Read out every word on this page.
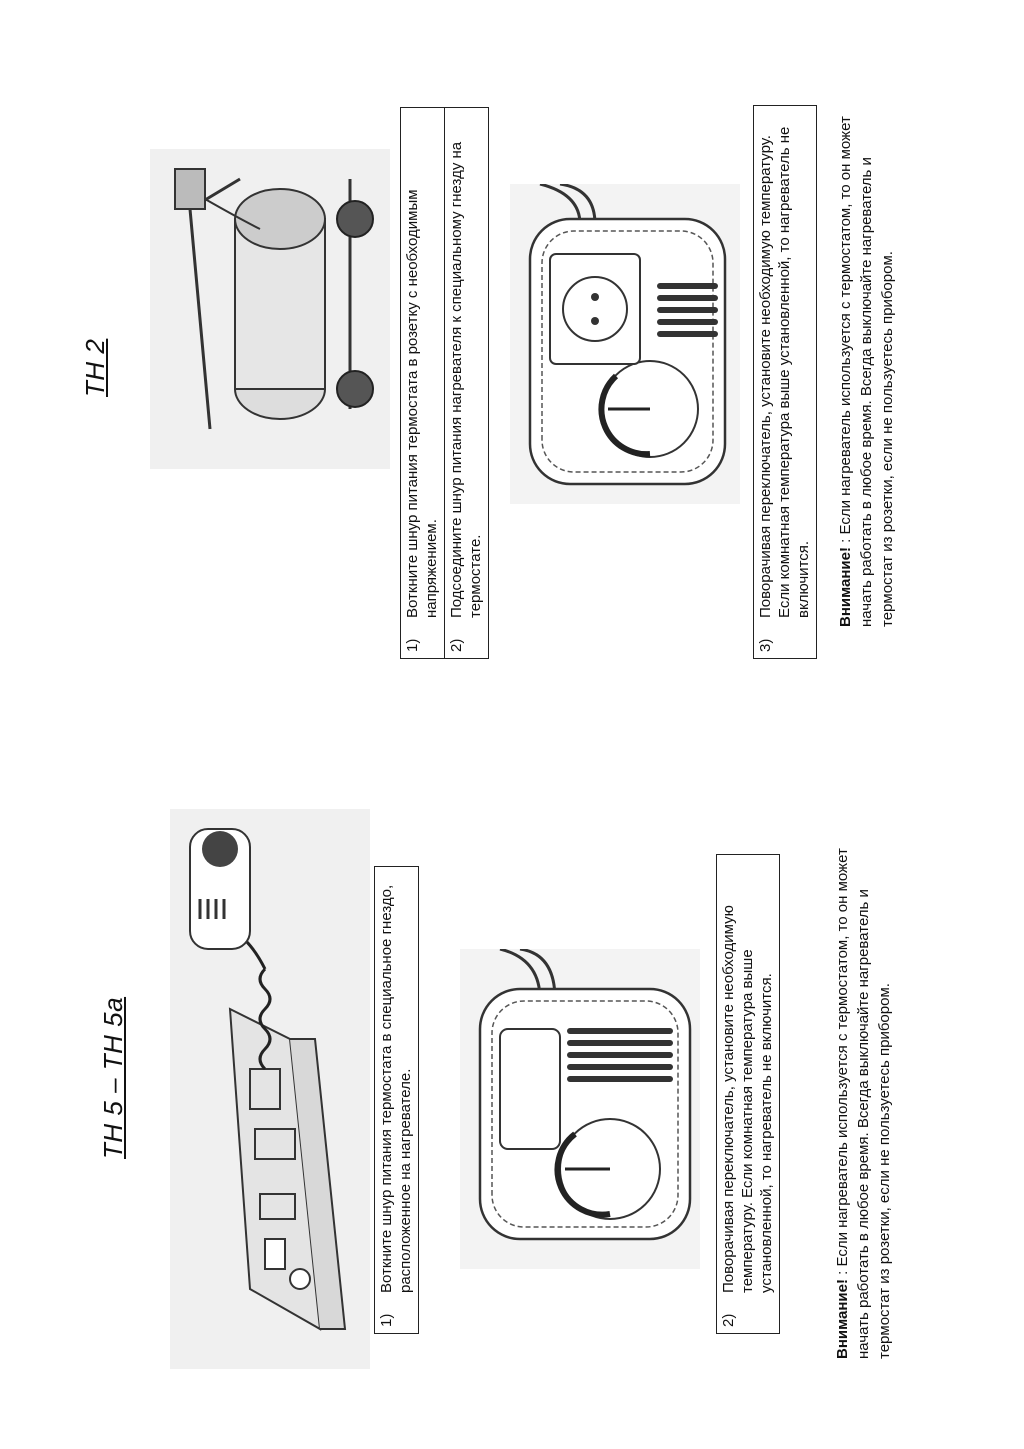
TH 5 – TH 5a
1)
Воткните шнур питания термостата в специальное гнездо, расположенное на нагревателе.
2)
Поворачивая переключатель, установите необходимую температуру. Если комнатная температура выше установленной, то нагреватель не включится.
Внимание! : Если нагреватель используется с термостатом, то он может начать работать в любое время. Всегда выключайте нагреватель и термостат из розетки, если не пользуетесь прибором.
TH 2
1)
Воткните шнур питания термостата в розетку с необходимым напряжением.
2)
Подсоедините шнур питания нагревателя к специальному гнезду на термостате.
3)
Поворачивая переключатель, установите необходимую температуру. Если комнатная температура выше установленной, то нагреватель не включится. Внимание! : Если нагреватель используется с термостатом, то он может начать работать в любое время. Всегда выключайте нагреватель и термостат из розетки, если не пользуетесь прибором.
